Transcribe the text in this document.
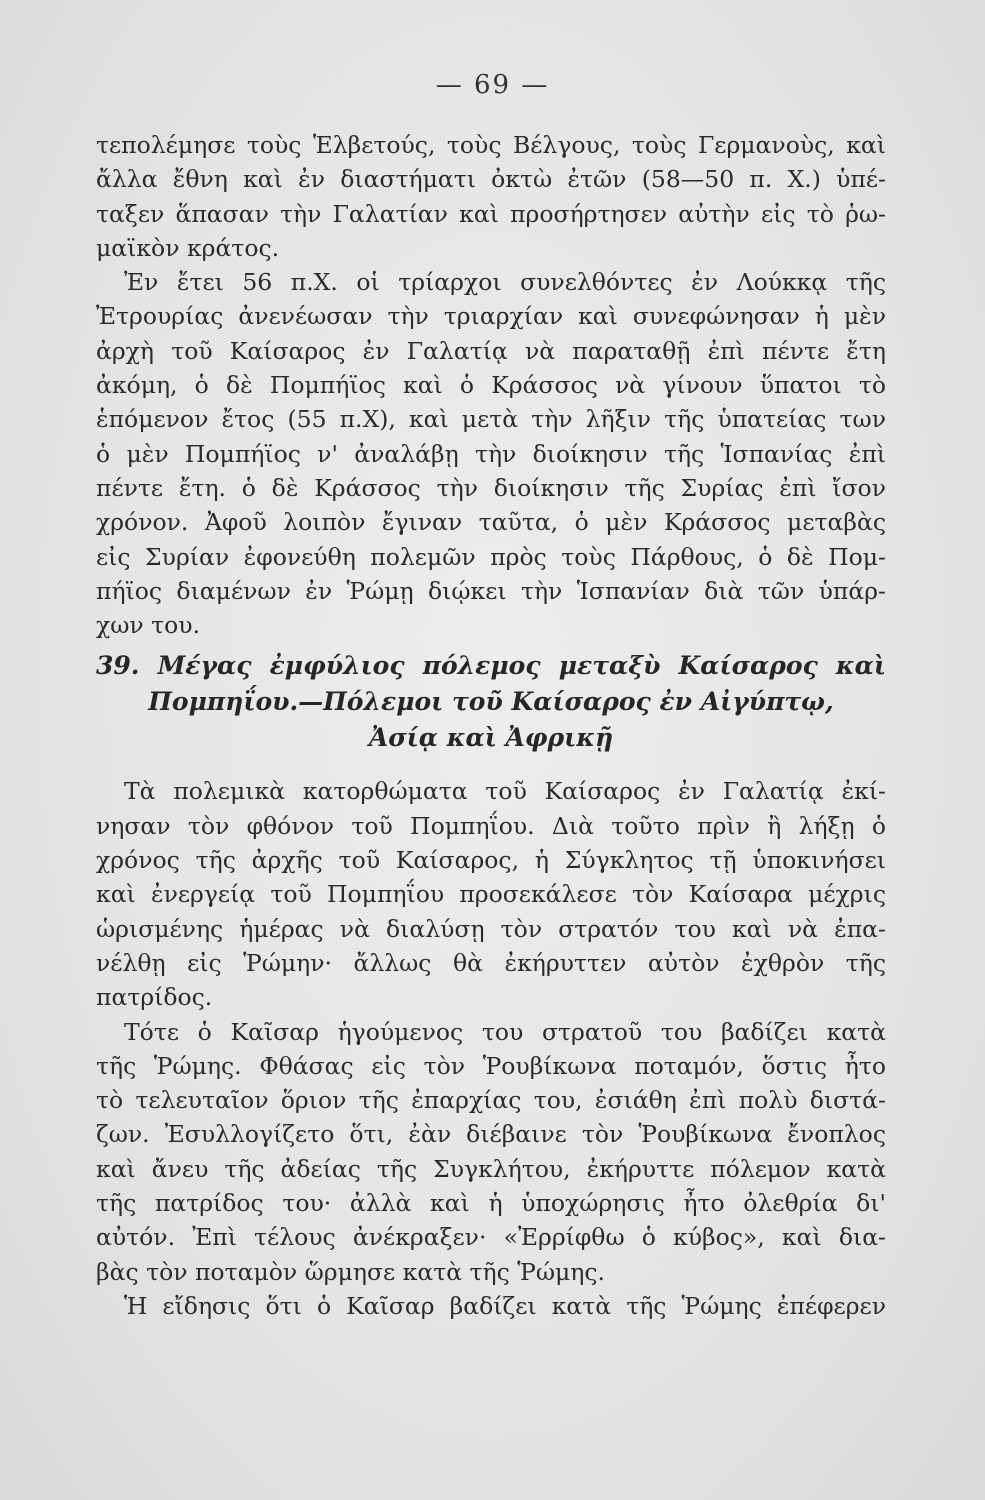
— 69 —
τεπολέμησε τοὺς Ἑλβετούς, τοὺς Βέλγους, τοὺς Γερμανοὺς, καὶ
ἄλλα ἔθνη καὶ ἐν διαστήματι ὀκτὼ ἐτῶν (58—50 π. Χ.) ὑπέ-
ταξεν ἅπασαν τὴν Γαλατίαν καὶ προσήρτησεν αὐτὴν εἰς τὸ ῥω-
μαϊκὸν κράτος.
Ἐν ἔτει 56 π.Χ. οἱ τρίαρχοι συνελθόντες ἐν Λούκκᾳ τῆς
Ἐτρουρίας ἀνενέωσαν τὴν τριαρχίαν καὶ συνεφώνησαν ἡ μὲν
ἀρχὴ τοῦ Καίσαρος ἐν Γαλατίᾳ νὰ παραταθῇ ἐπὶ πέντε ἔτη
ἀκόμη, ὁ δὲ Πομπήϊος καὶ ὁ Κράσσος νὰ γίνουν ὕπατοι τὸ
ἑπόμενον ἔτος (55 π.Χ), καὶ μετὰ τὴν λῆξιν τῆς ὑπατείας των
ὁ μὲν Πομπήϊος ν' ἀναλάβῃ τὴν διοίκησιν τῆς Ἱσπανίας ἐπὶ
πέντε ἔτη. ὁ δὲ Κράσσος τὴν διοίκησιν τῆς Συρίας ἐπὶ ἴσον
χρόνον. Ἀφοῦ λοιπὸν ἔγιναν ταῦτα, ὁ μὲν Κράσσος μεταβὰς
εἰς Συρίαν ἐφονεύθη πολεμῶν πρὸς τοὺς Πάρθους, ὁ δὲ Πομ-
πήϊος διαμένων ἐν Ῥώμῃ διῴκει τὴν Ἱσπανίαν διὰ τῶν ὑπάρ-
χων του.
39. Μέγας ἐμφύλιος πόλεμος μεταξὺ Καίσαρος καὶ
Πομπηΐου.—Πόλεμοι τοῦ Καίσαρος ἐν Αἰγύπτῳ,
Ἀσίᾳ καὶ Ἀφρικῇ
Τὰ πολεμικὰ κατορθώματα τοῦ Καίσαρος ἐν Γαλατίᾳ ἐκί-
νησαν τὸν φθόνον τοῦ Πομπηΐου. Διὰ τοῦτο πρὶν ἢ λήξῃ ὁ
χρόνος τῆς ἀρχῆς τοῦ Καίσαρος, ἡ Σύγκλητος τῇ ὑποκινήσει
καὶ ἐνεργείᾳ τοῦ Πομπηΐου προσεκάλεσε τὸν Καίσαρα μέχρις
ὡρισμένης ἡμέρας νὰ διαλύσῃ τὸν στρατόν του καὶ νὰ ἐπα-
νέλθῃ εἰς Ῥώμην· ἄλλως θὰ ἐκήρυττεν αὐτὸν ἐχθρὸν τῆς
πατρίδος.
Τότε ὁ Καῖσαρ ἡγούμενος του στρατοῦ του βαδίζει κατὰ
τῆς Ῥώμης. Φθάσας εἰς τὸν Ῥουβίκωνα ποταμόν, ὅστις ἦτο
τὸ τελευταῖον ὅριον τῆς ἐπαρχίας του, ἐσιάθη ἐπὶ πολὺ διστά-
ζων. Ἐσυλλογίζετο ὅτι, ἐὰν διέβαινε τὸν Ῥουβίκωνα ἔνοπλος
καὶ ἄνευ τῆς ἀδείας τῆς Συγκλήτου, ἐκήρυττε πόλεμον κατὰ
τῆς πατρίδος του· ἀλλὰ καὶ ἡ ὑποχώρησις ἦτο ὀλεθρία δι'
αὐτόν. Ἐπὶ τέλους ἀνέκραξεν· «Ἐρρίφθω ὁ κύβος», καὶ δια-
βὰς τὸν ποταμὸν ὥρμησε κατὰ τῆς Ῥώμης.
Ἡ εἴδησις ὅτι ὁ Καῖσαρ βαδίζει κατὰ τῆς Ῥώμης ἐπέφερεν
